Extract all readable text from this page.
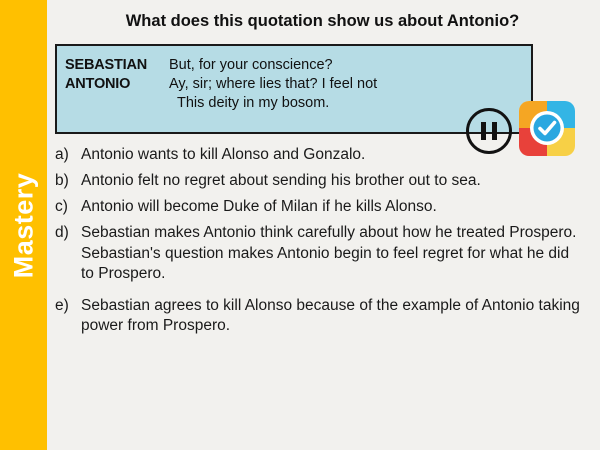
Mastery
What does this quotation show us about Antonio?
SEBASTIAN	But, for your conscience?
ANTONIO	Ay, sir; where lies that? I feel not
This deity in my bosom.
a) Antonio wants to kill Alonso and Gonzalo.
b) Antonio felt no regret about sending his brother out to sea.
c) Antonio will become Duke of Milan if he kills Alonso.
d) Sebastian makes Antonio think carefully about how he treated Prospero. Sebastian's question makes Antonio begin to feel regret for what he did to Prospero.
e) Sebastian agrees to kill Alonso because of the example of Antonio taking power from Prospero.
